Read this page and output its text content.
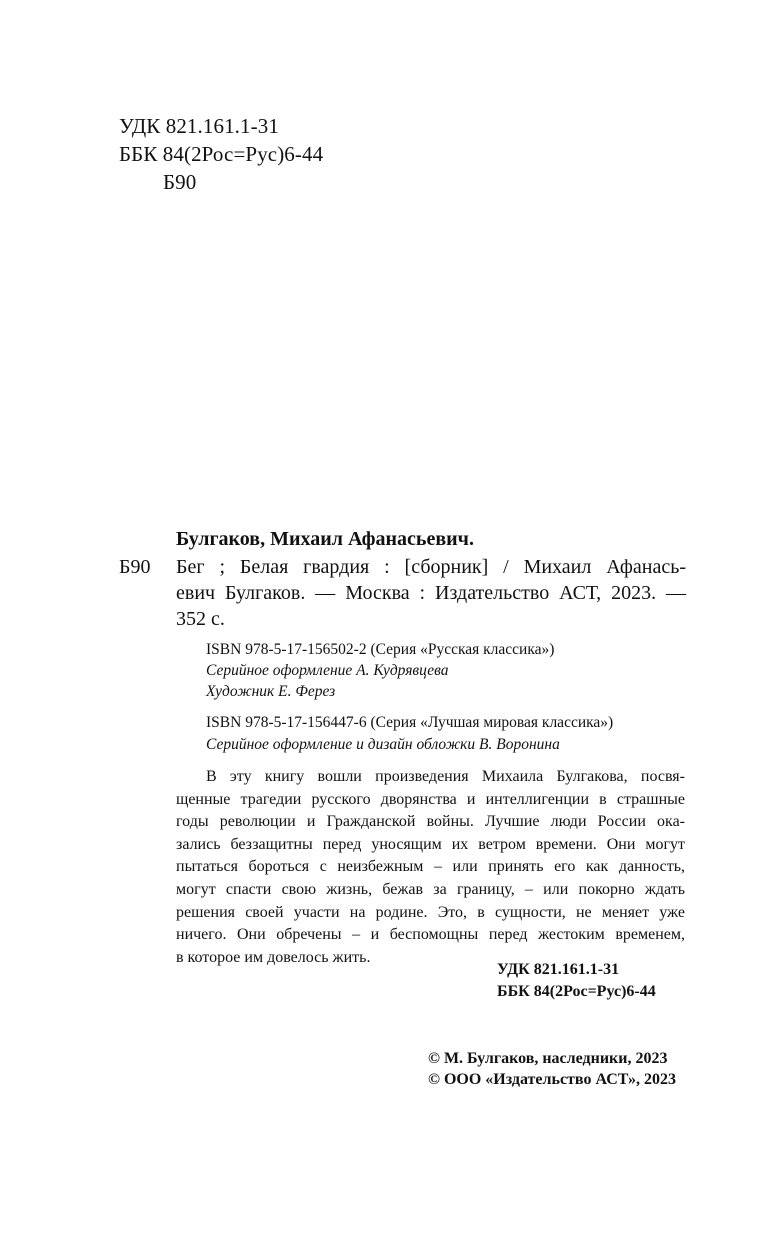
УДК 821.161.1-31
ББК 84(2Рос=Рус)6-44
Б90
Булгаков, Михаил Афанасьевич.
Б90 Бег ; Белая гвардия : [сборник] / Михаил Афанась-
евич Булгаков. — Москва : Издательство АСТ, 2023. —
352 с.
ISBN 978-5-17-156502-2 (Серия «Русская классика»)
Серийное оформление А. Кудрявцева
Художник Е. Ферез
ISBN 978-5-17-156447-6 (Серия «Лучшая мировая классика»)
Серийное оформление и дизайн обложки В. Воронина
В эту книгу вошли произведения Михаила Булгакова, посвя-
щенные трагедии русского дворянства и интеллигенции в страшные
годы революции и Гражданской войны. Лучшие люди России ока-
зались беззащитны перед уносящим их ветром времени. Они могут
пытаться бороться с неизбежным – или принять его как данность,
могут спасти свою жизнь, бежав за границу, – или покорно ждать
решения своей участи на родине. Это, в сущности, не меняет уже
ничего. Они обречены – и беспомощны перед жестоким временем,
в которое им довелось жить.
УДК 821.161.1-31
ББК 84(2Рос=Рус)6-44
© М. Булгаков, наследники, 2023
© ООО «Издательство АСТ», 2023
